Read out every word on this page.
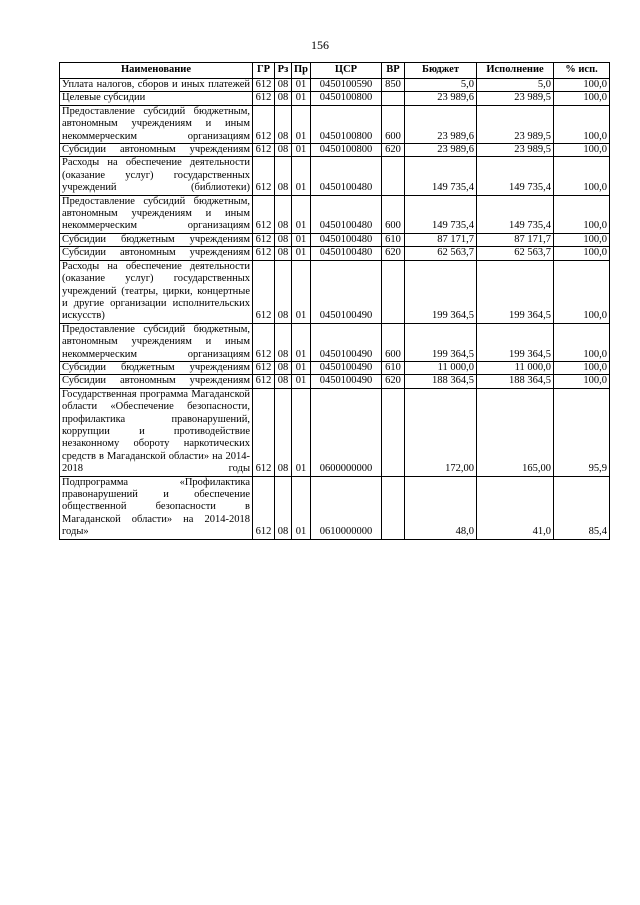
156
Наименование	ГР	Рз	Пр	ЦСР	ВР	Бюджет	Исполнение	% исп.
Уплата налогов, сборов и иных платежей	612	08	01	0450100590	850	5,0	5,0	100,0
Целевые субсидии	612	08	01	0450100800		23 989,6	23 989,5	100,0
Предоставление субсидий бюджетным, автономным учреждениям и иным некоммерческим организациям	612	08	01	0450100800	600	23 989,6	23 989,5	100,0
Субсидии автономным учреждениям	612	08	01	0450100800	620	23 989,6	23 989,5	100,0
Расходы на обеспечение деятельности (оказание услуг) государственных учреждений (библиотеки)	612	08	01	0450100480		149 735,4	149 735,4	100,0
Предоставление субсидий бюджетным, автономным учреждениям и иным некоммерческим организациям	612	08	01	0450100480	600	149 735,4	149 735,4	100,0
Субсидии бюджетным учреждениям	612	08	01	0450100480	610	87 171,7	87 171,7	100,0
Субсидии автономным учреждениям	612	08	01	0450100480	620	62 563,7	62 563,7	100,0
Расходы на обеспечение деятельности (оказание услуг) государственных учреждений (театры, цирки, концертные и другие организации исполнительских искусств)	612	08	01	0450100490		199 364,5	199 364,5	100,0
Предоставление субсидий бюджетным, автономным учреждениям и иным некоммерческим организациям	612	08	01	0450100490	600	199 364,5	199 364,5	100,0
Субсидии бюджетным учреждениям	612	08	01	0450100490	610	11 000,0	11 000,0	100,0
Субсидии автономным учреждениям	612	08	01	0450100490	620	188 364,5	188 364,5	100,0
Государственная программа Магаданской области «Обеспечение безопасности, профилактика правонарушений, коррупции и противодействие незаконному обороту наркотических средств в Магаданской области» на 2014-2018 годы	612	08	01	0600000000		172,00	165,00	95,9
Подпрограмма «Профилактика правонарушений и обеспечение общественной безопасности в Магаданской области» на 2014-2018 годы»	612	08	01	0610000000		48,0	41,0	85,4
